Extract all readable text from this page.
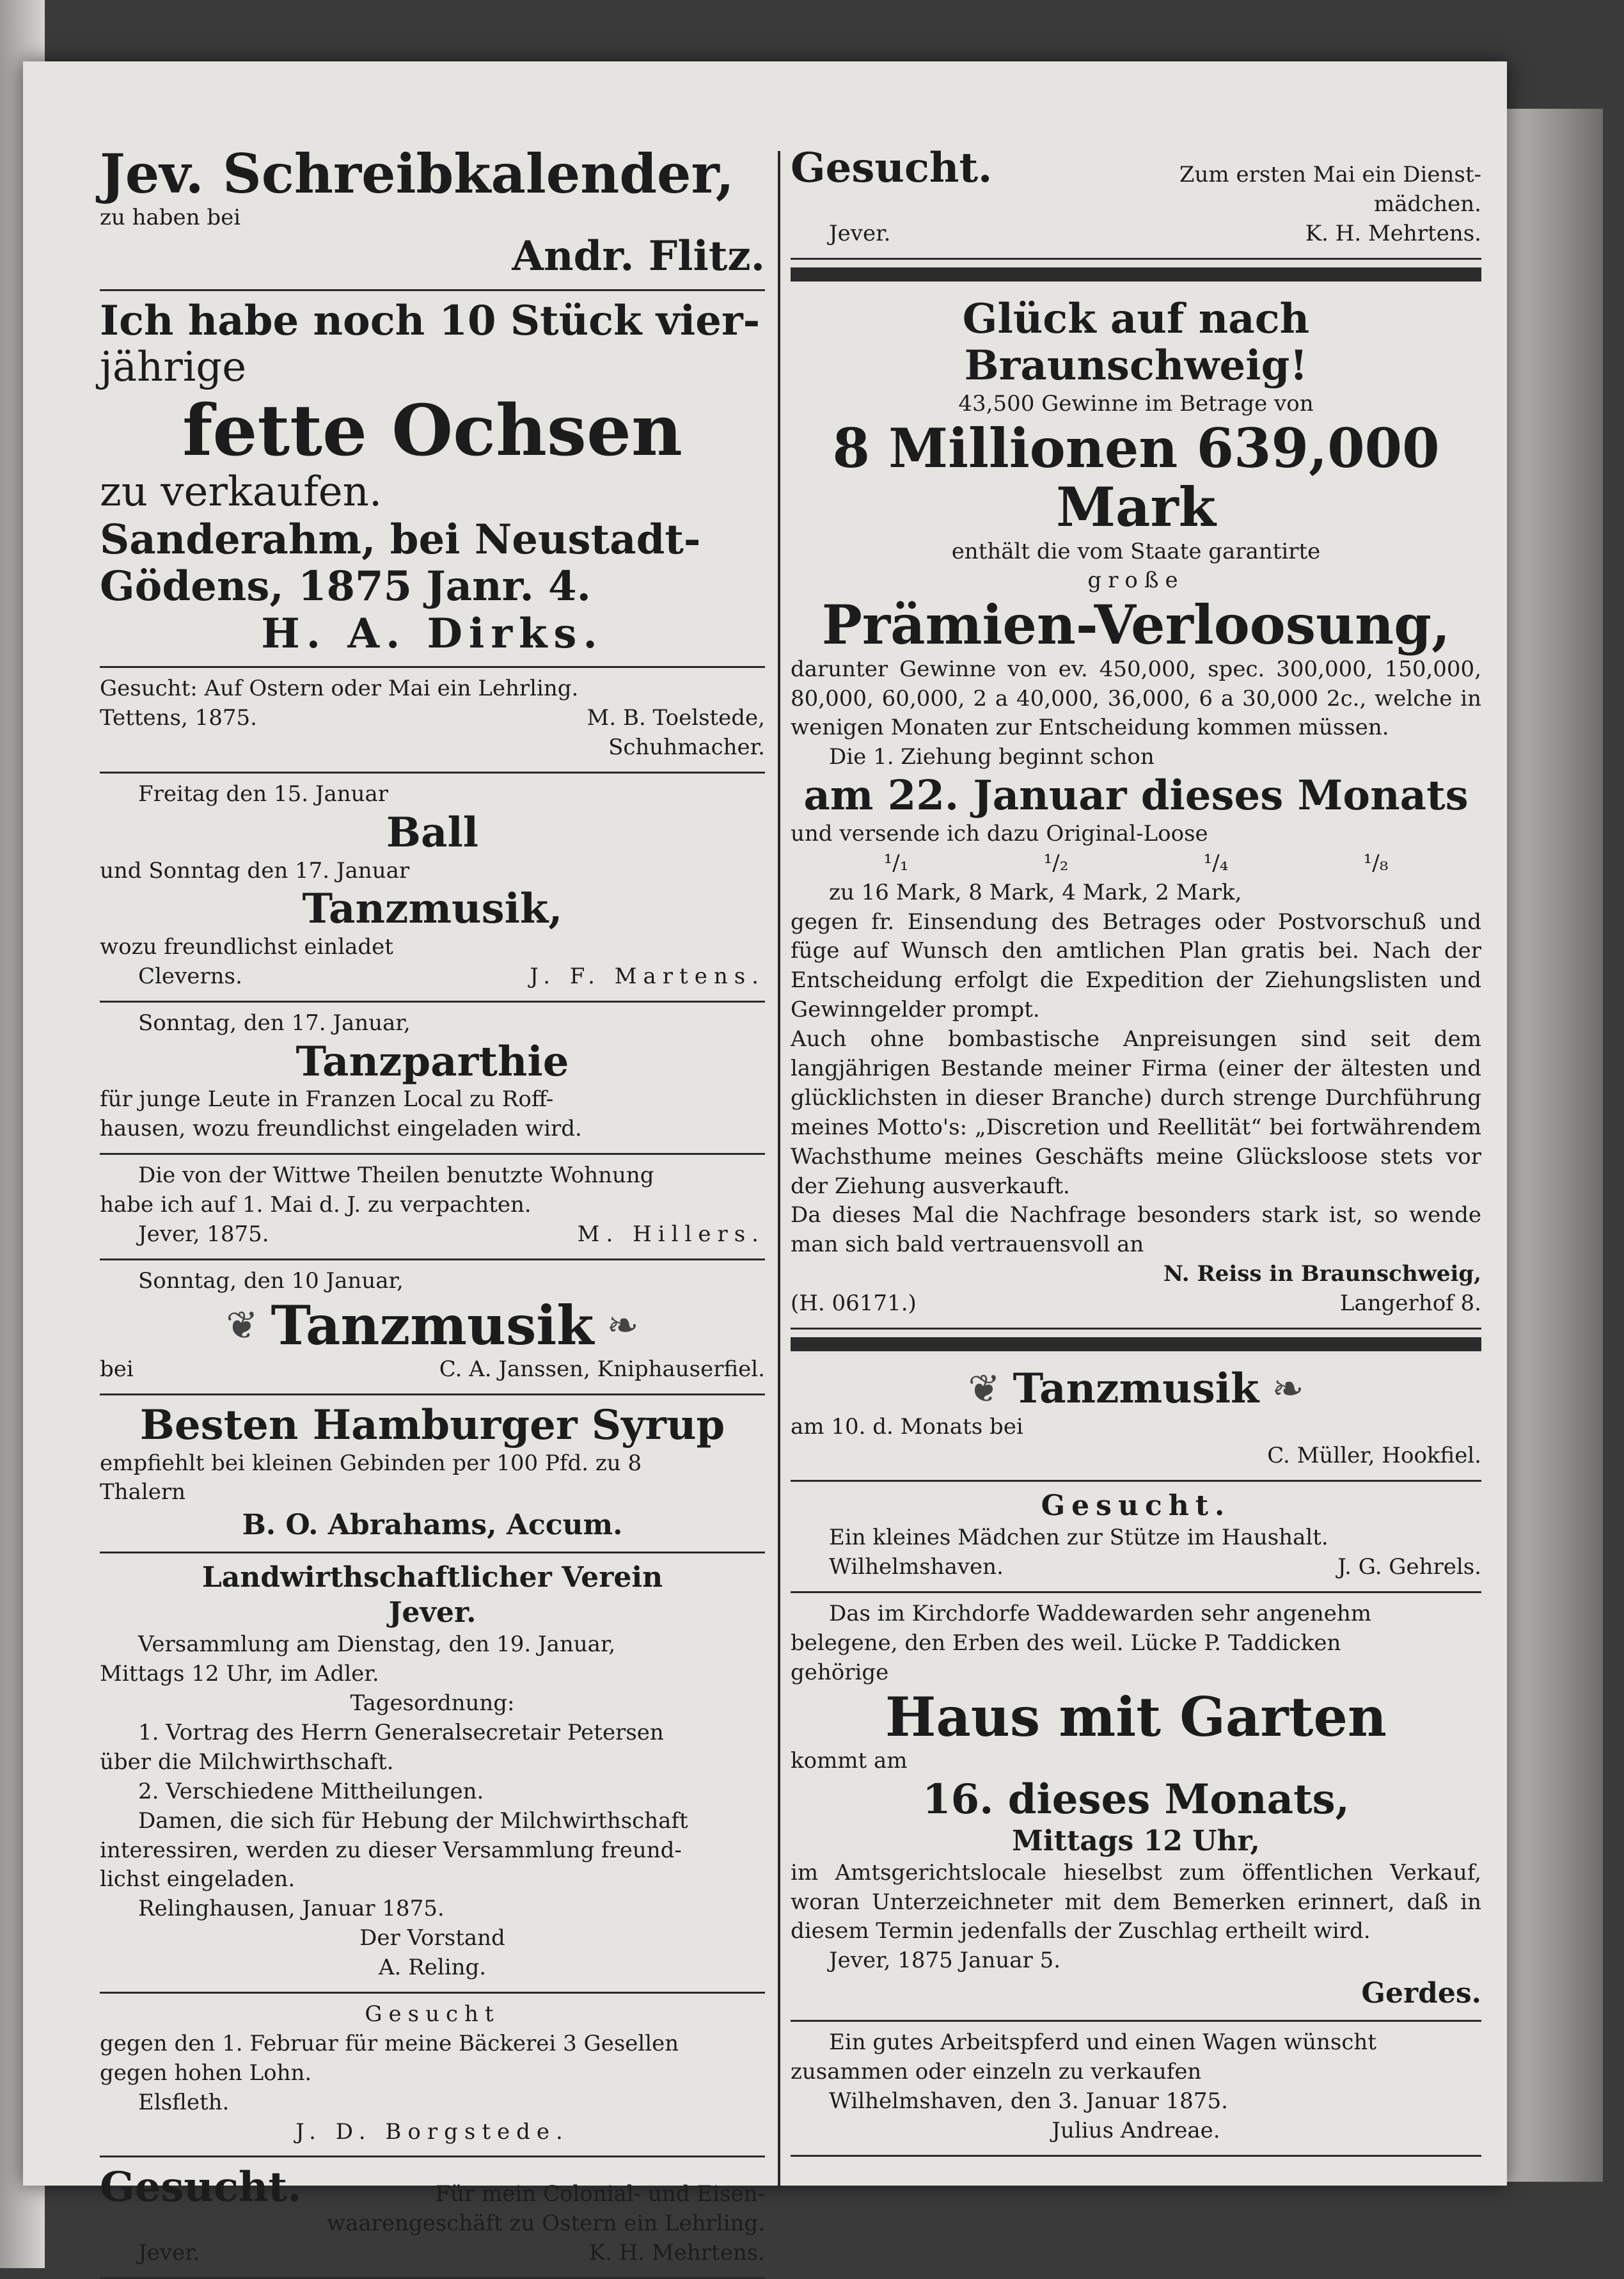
Jev. Schreibkalender,
zu haben bei
Andr. Flitz.
Ich habe noch 10 Stück vier-
jährige
fette Ochsen
zu verkaufen.
Sanderahm, bei Neustadt-
Gödens, 1875 Janr. 4.
H. A. Dirks.
Gesucht: Auf Ostern oder Mai ein Lehrling.
Tettens, 1875.	M. B. Toelstede,
Schuhmacher.
Freitag den 15. Januar
Ball
und Sonntag den 17. Januar
Tanzmusik,
wozu freundlichst einladet
Cleverns.	J. F. Martens.
Sonntag, den 17. Januar,
Tanzparthie
für junge Leute in Franzen Local zu Roff-
hausen, wozu freundlichst eingeladen wird.
Die von der Wittwe Theilen benutzte Wohnung
habe ich auf 1. Mai d. J. zu verpachten.
Jever, 1875.	M. Hillers.
Sonntag, den 10 Januar,
❦ Tanzmusik ❧
bei	C. A. Janssen, Kniphauserfiel.
Besten Hamburger Syrup
empfiehlt bei kleinen Gebinden per 100 Pfd. zu 8
Thalern
B. O. Abrahams, Accum.
Landwirthschaftlicher Verein
Jever.
Versammlung am Dienstag, den 19. Januar,
Mittags 12 Uhr, im Adler.
Tagesordnung:
1. Vortrag des Herrn Generalsecretair Petersen
über die Milchwirthschaft.
2. Verschiedene Mittheilungen.
Damen, die sich für Hebung der Milchwirthschaft
interessiren, werden zu dieser Versammlung freund-
lichst eingeladen.
Relinghausen, Januar 1875.
Der Vorstand
A. Reling.
Gesucht
gegen den 1. Februar für meine Bäckerei 3 Gesellen
gegen hohen Lohn.
Elsfleth.
J. D. Borgstede.
Gesucht.	Für mein Colonial- und Eisen-
waarengeschäft zu Ostern ein Lehrling.
Jever.	K. H. Mehrtens.
Gesucht.	Zum ersten Mai ein Dienst-
mädchen.
Jever.	K. H. Mehrtens.
Glück auf nach Braunschweig!
43,500 Gewinne im Betrage von
8 Millionen 639,000 Mark
enthält die vom Staate garantirte
große
Prämien-Verloosung,
darunter Gewinne von ev. 450,000, spec. 300,000, 150,000, 80,000, 60,000, 2 a 40,000, 36,000, 6 a 30,000 2c., welche in wenigen Monaten zur Entscheidung kommen müssen.
Die 1. Ziehung beginnt schon
am 22. Januar dieses Monats
und versende ich dazu Original-Loose
¹/₁	¹/₂	¹/₄	¹/₈
zu 16 Mark, 8 Mark, 4 Mark, 2 Mark,
gegen fr. Einsendung des Betrages oder Postvorschuß und füge auf Wunsch den amtlichen Plan gratis bei. Nach der Entscheidung erfolgt die Expedition der Ziehungslisten und Gewinngelder prompt.
Auch ohne bombastische Anpreisungen sind seit dem langjährigen Bestande meiner Firma (einer der ältesten und glücklichsten in dieser Branche) durch strenge Durchführung meines Motto's: „Discretion und Reellität“ bei fortwährendem Wachsthume meines Geschäfts meine Glücksloose stets vor der Ziehung ausverkauft.
Da dieses Mal die Nachfrage besonders stark ist, so wende man sich bald vertrauensvoll an
N. Reiss in Braunschweig,
(H. 06171.)	Langerhof 8.
❦ Tanzmusik ❧
am 10. d. Monats bei
C. Müller, Hookfiel.
Gesucht.
Ein kleines Mädchen zur Stütze im Haushalt.
Wilhelmshaven.	J. G. Gehrels.
Das im Kirchdorfe Waddewarden sehr angenehm
belegene, den Erben des weil. Lücke P. Taddicken
gehörige
Haus mit Garten
kommt am
16. dieses Monats,
Mittags 12 Uhr,
im Amtsgerichtslocale hieselbst zum öffentlichen Verkauf, woran Unterzeichneter mit dem Bemerken erinnert, daß in diesem Termin jedenfalls der Zuschlag ertheilt wird.
Jever, 1875 Januar 5.
Gerdes.
Ein gutes Arbeitspferd und einen Wagen wünscht
zusammen oder einzeln zu verkaufen
Wilhelmshaven, den 3. Januar 1875.
Julius Andreae.
